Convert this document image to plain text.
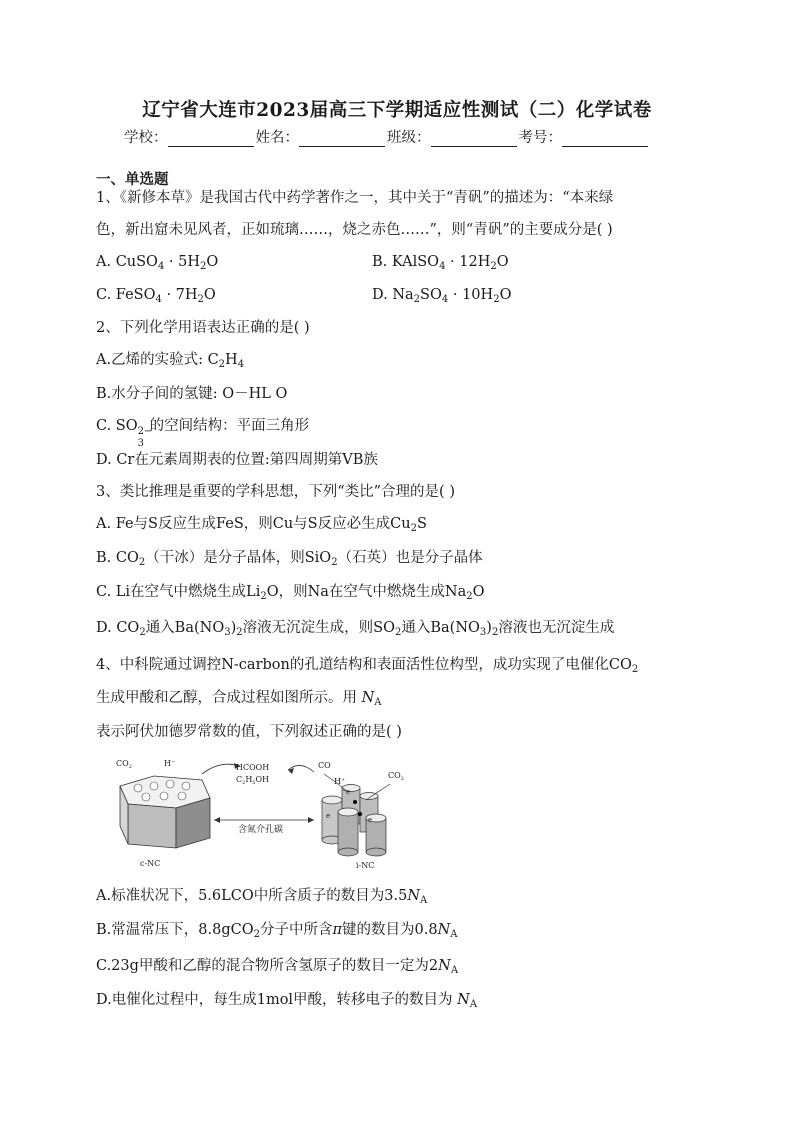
辽宁省大连市2023届高三下学期适应性测试（二）化学试卷
学校：	姓名：	班级：	考号：
一、单选题
1、《新修本草》是我国古代中药学著作之一，其中关于“青矾”的描述为：“本来绿
色，新出窟未见风者，正如琉璃……，烧之赤色……”，则“青矾”的主要成分是( )
A. CuSO$_4$ · $5H_2O$	B. KAlSO$_4$ · $12H_2O$
C. FeSO$_4$ · $7H_2O$	D. $Na_2SO_4 \cdot 10H_2O$
2、下列化学用语表达正确的是( )
A.乙烯的实验式: $C_2H_4$
B.水分子间的氢键: O－HL O
C. SO 2−
3
的空间结构：平面三角形
D. Cr在元素周期表的位置:第四周期第VB族
3、类比推理是重要的学科思想，下列“类比”合理的是( )
A. Fe与S反应生成FeS，则Cu与S反应必生成$Cu_2S$
B. $CO_2$（干冰）是分子晶体，则SiO$_2$（石英）也是分子晶体
C. Li在空气中燃烧生成$Li_2O$，则Na在空气中燃烧生成$Na_2O$
D. $CO_2$通入$Ba(NO_3)_2$溶液无沉淀生成，则$SO_2$通入$Ba(NO_3)_2$溶液也无沉淀生成
4、中科院通过调控N-carbon的孔道结构和表面活性位构型，成功实现了电催化$CO_2$
生成甲酸和乙醇，合成过程如图所示。用 $N_A$
表示阿伏加德罗常数的值，下列叙述正确的是( )
$CO_2$	H−
c-NC
HCOOH
$C_2H_5OH$
含氮介孔碳
e	e
e
CO
H+	$CO_2$
i-NC
A.标准状况下，5.6LCO中所含质子的数目为$3.5N_A$
B.常温常压下，8.8gCO$_2$分子中所含π键的数目为$0.8N_A$
C.23g甲酸和乙醇的混合物所含氢原子的数目一定为$2N_A$
D.电催化过程中，每生成1mol甲酸，转移电子的数目为 $N_A$
